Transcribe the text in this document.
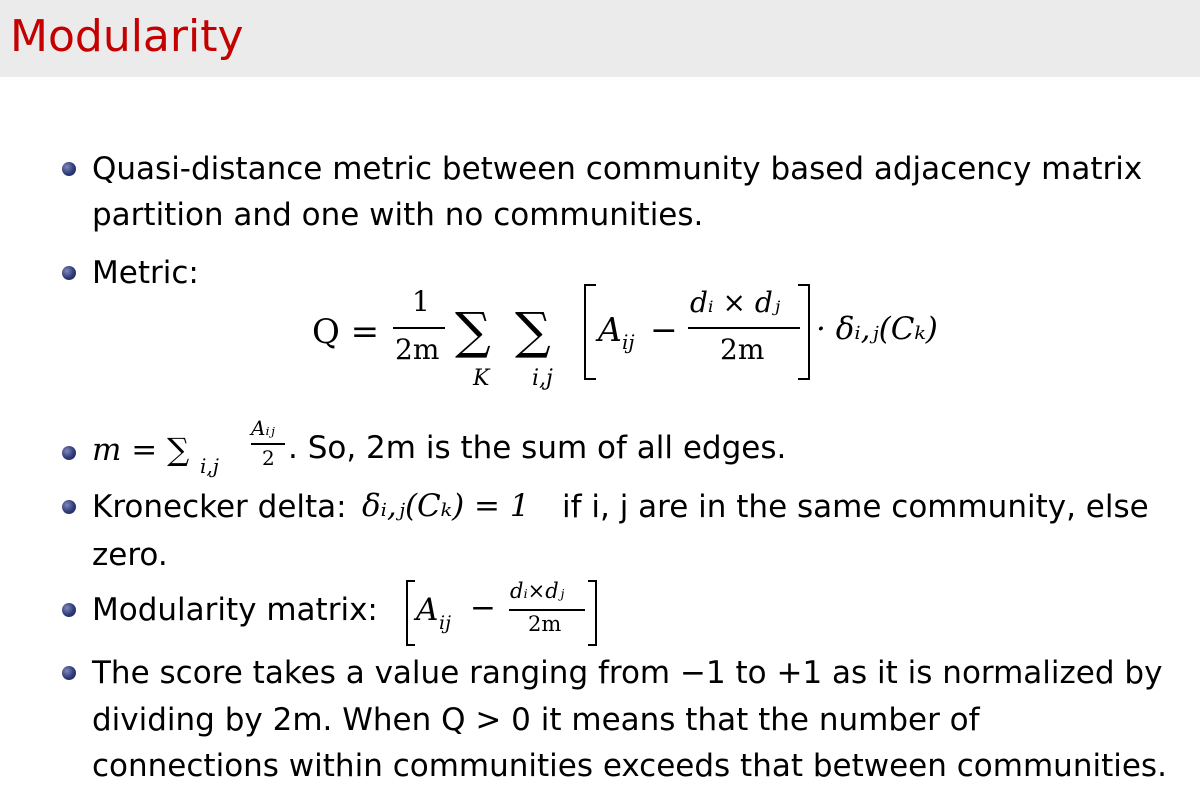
Modularity
Quasi-distance metric between community based adjacency matrix
partition and one with no communities.
Metric:
Q =
1
2m ∑
K
∑
i,j
A ij −
dᵢ × dⱼ
2m
· δᵢ,ⱼ(Cₖ)
m = ∑ i,j
Aᵢⱼ
2 . So, 2m is the sum of all edges.
Kronecker delta: δᵢ,ⱼ(Cₖ) = 1 if i, j are in the same community, else
zero.
Modularity matrix: A ij − dᵢ×dⱼ
2m
The score takes a value ranging from −1 to +1 as it is normalized by
dividing by 2m. When Q > 0 it means that the number of
connections within communities exceeds that between communities.
